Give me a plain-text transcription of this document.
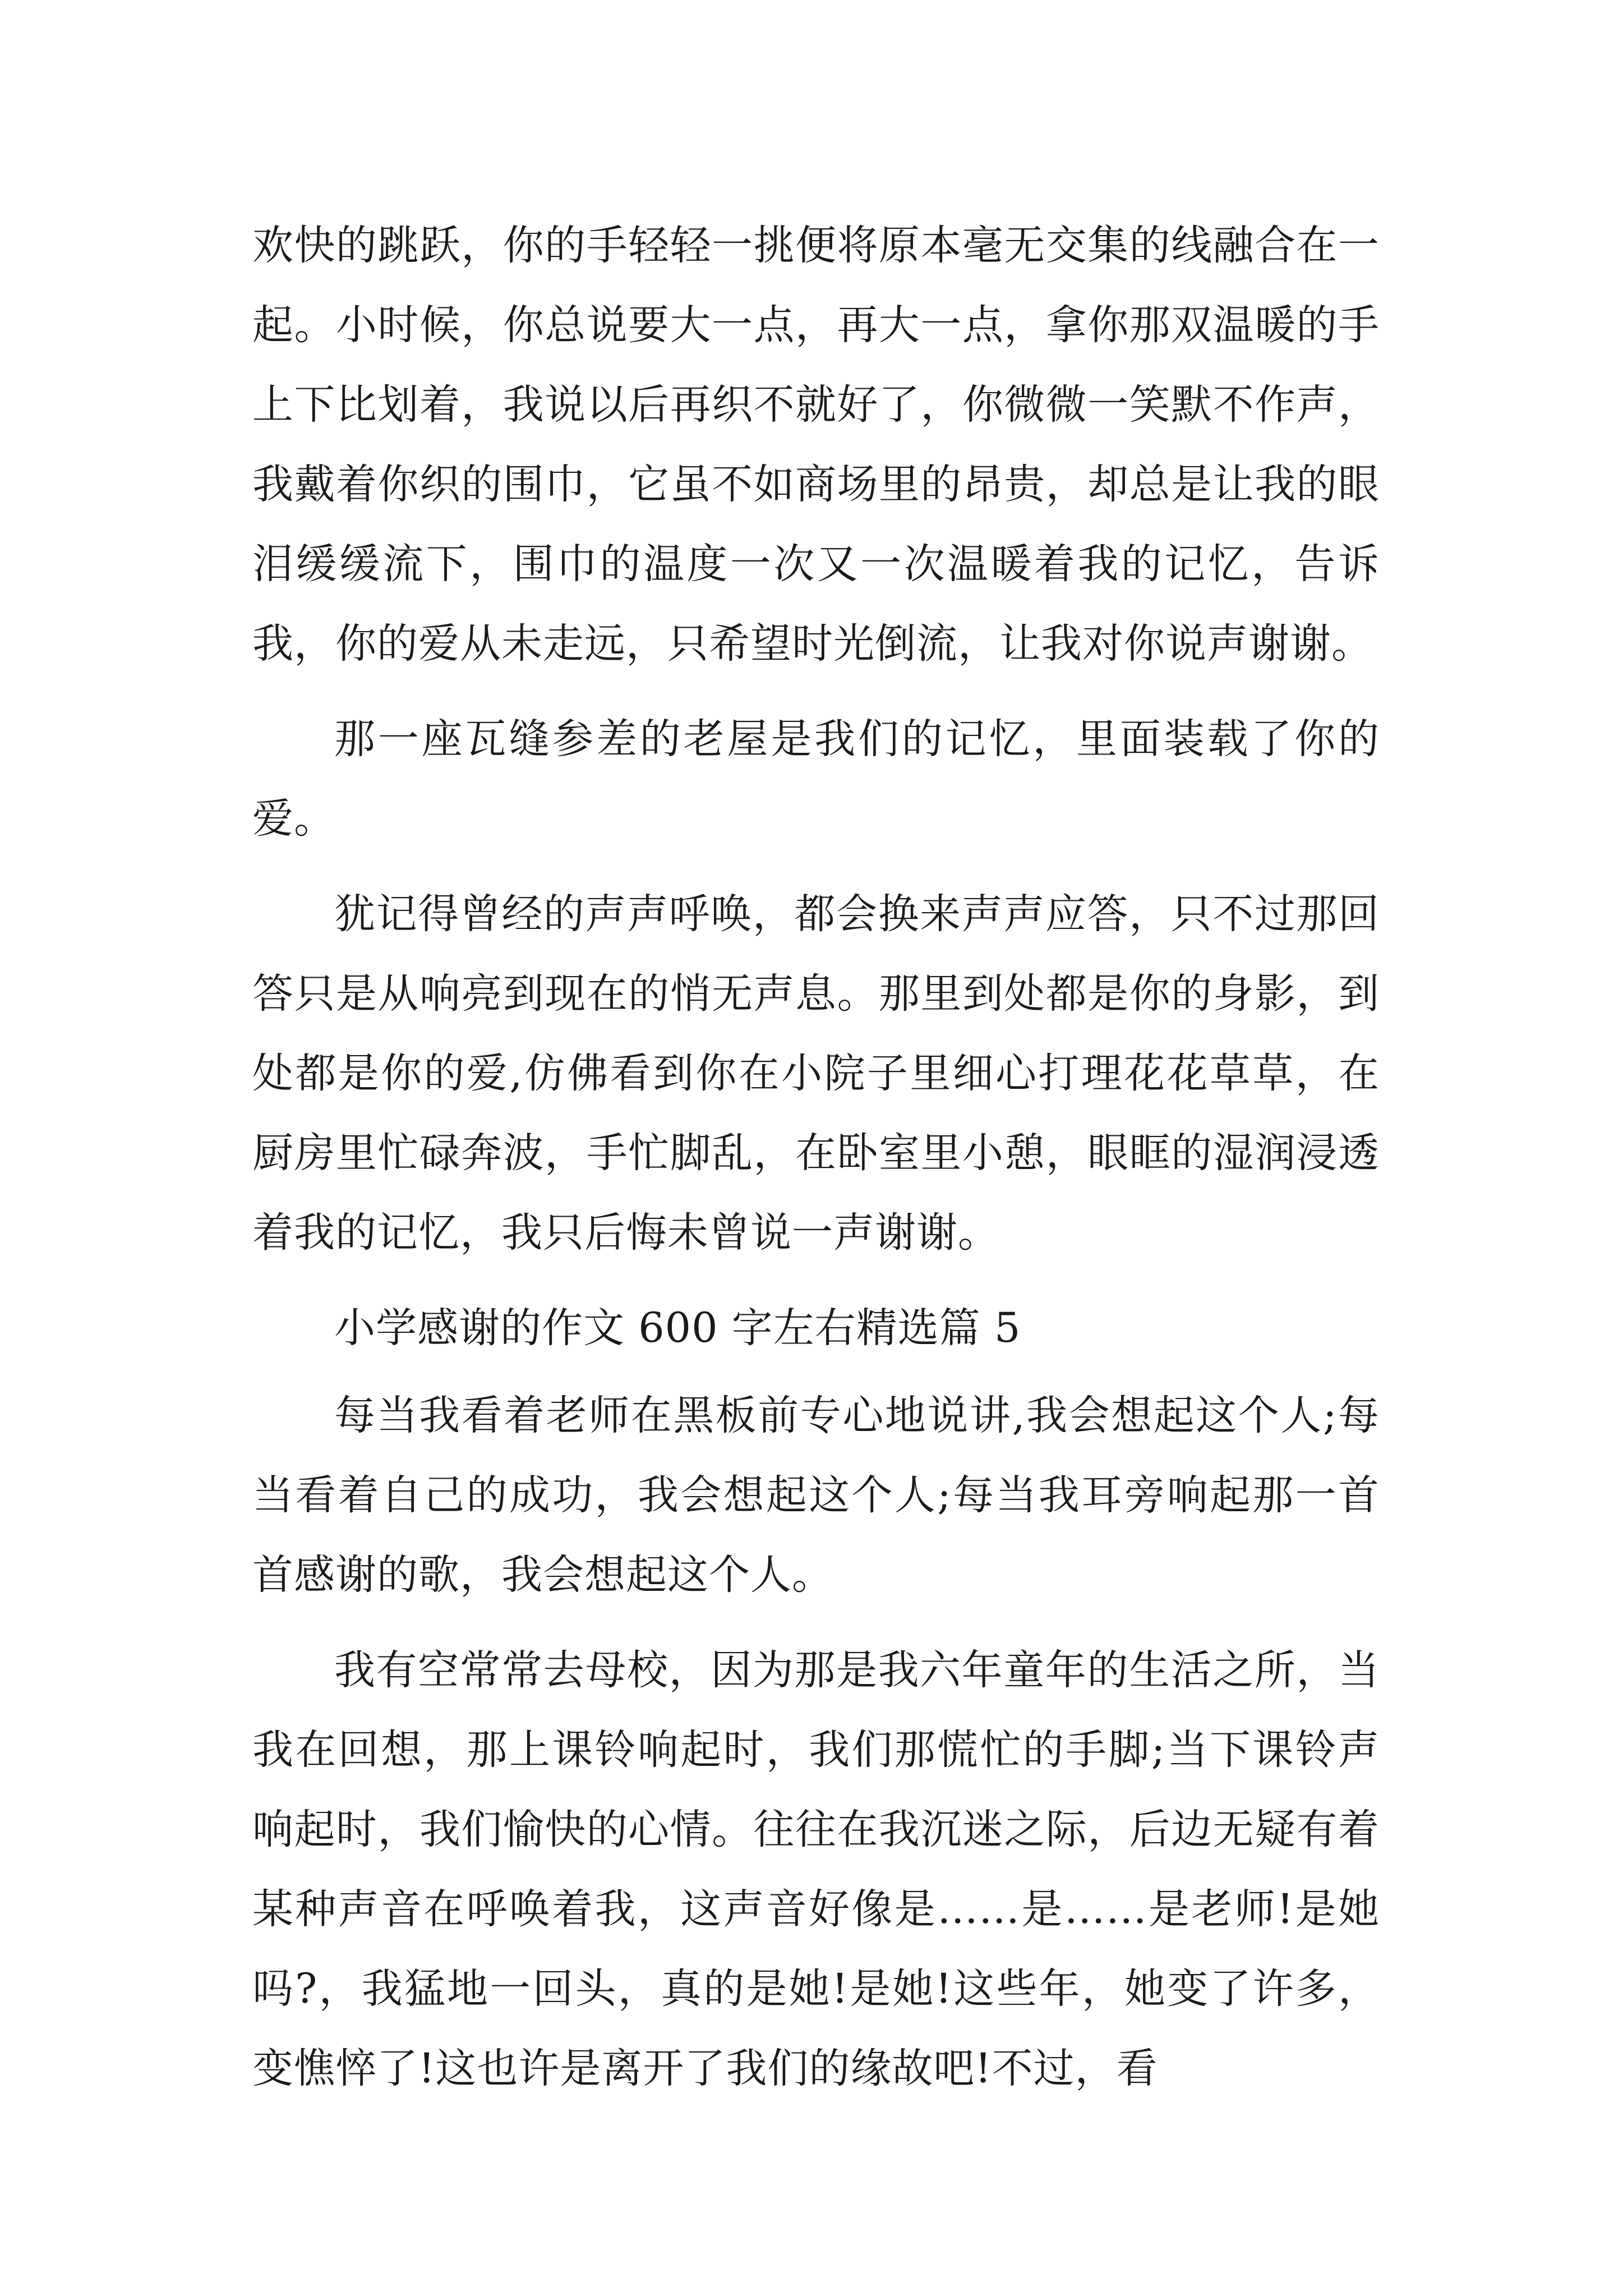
欢快的跳跃，你的手轻轻一挑便将原本毫无交集的线融合在一起。小时候，你总说要大一点，再大一点，拿你那双温暖的手上下比划着，我说以后再织不就好了，你微微一笑默不作声，我戴着你织的围巾，它虽不如商场里的昂贵，却总是让我的眼泪缓缓流下，围巾的温度一次又一次温暖着我的记忆，告诉我，你的爱从未走远，只希望时光倒流，让我对你说声谢谢。

那一座瓦缝参差的老屋是我们的记忆，里面装载了你的爱。

犹记得曾经的声声呼唤，都会换来声声应答，只不过那回答只是从响亮到现在的悄无声息。那里到处都是你的身影，到处都是你的爱,仿佛看到你在小院子里细心打理花花草草，在厨房里忙碌奔波，手忙脚乱，在卧室里小憩，眼眶的湿润浸透着我的记忆，我只后悔未曾说一声谢谢。

小学感谢的作文 600 字左右精选篇 5

每当我看着老师在黑板前专心地说讲,我会想起这个人;每当看着自己的成功，我会想起这个人;每当我耳旁响起那一首首感谢的歌，我会想起这个人。

我有空常常去母校，因为那是我六年童年的生活之所，当我在回想，那上课铃响起时，我们那慌忙的手脚;当下课铃声响起时，我们愉快的心情。往往在我沉迷之际，后边无疑有着某种声音在呼唤着我，这声音好像是……是……是老师!是她吗?，我猛地一回头，真的是她!是她!这些年，她变了许多，变憔悴了!这也许是离开了我们的缘故吧!不过，看
